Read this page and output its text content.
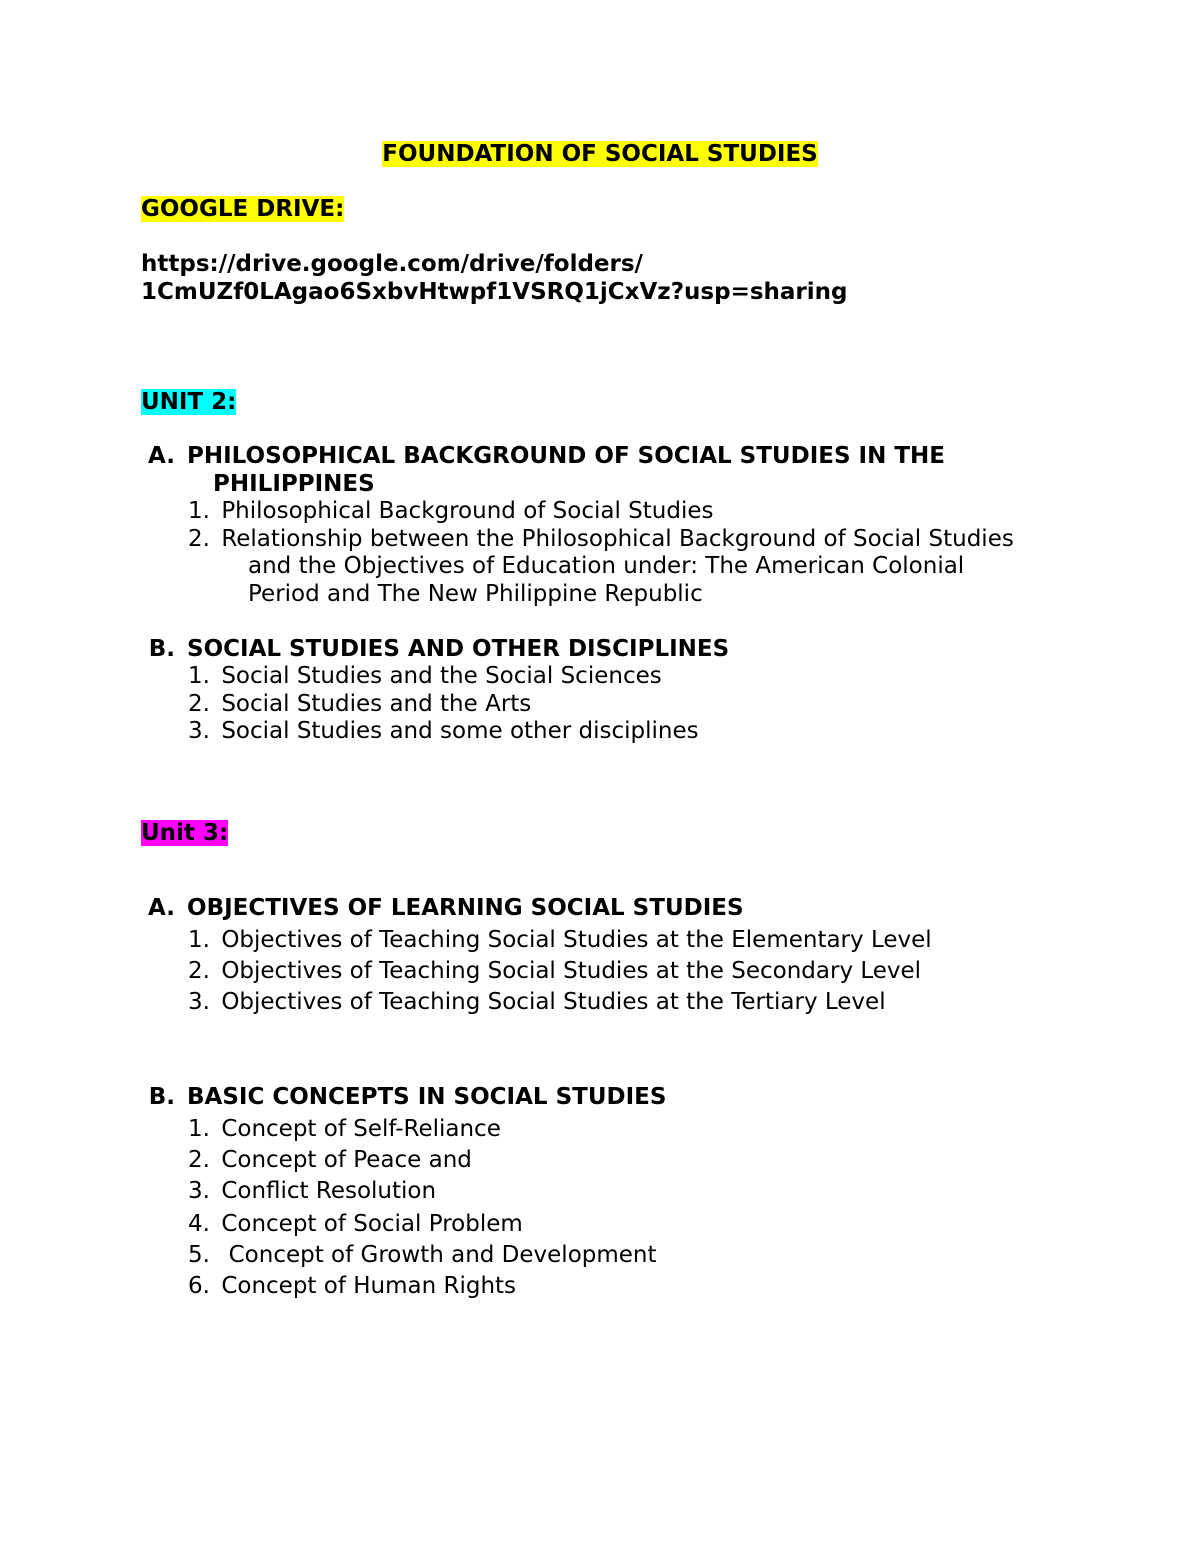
FOUNDATION OF SOCIAL STUDIES
GOOGLE DRIVE:
https://drive.google.com/drive/folders/
1CmUZf0LAgao6SxbvHtwpf1VSRQ1jCxVz?usp=sharing
UNIT 2:
A. PHILOSOPHICAL BACKGROUND OF SOCIAL STUDIES IN THE
PHILIPPINES
1. Philosophical Background of Social Studies
2. Relationship between the Philosophical Background of Social Studies
and the Objectives of Education under: The American Colonial
Period and The New Philippine Republic
B. SOCIAL STUDIES AND OTHER DISCIPLINES
1. Social Studies and the Social Sciences
2. Social Studies and the Arts
3. Social Studies and some other disciplines
Unit 3:
A. OBJECTIVES OF LEARNING SOCIAL STUDIES
1. Objectives of Teaching Social Studies at the Elementary Level
2. Objectives of Teaching Social Studies at the Secondary Level
3. Objectives of Teaching Social Studies at the Tertiary Level
B. BASIC CONCEPTS IN SOCIAL STUDIES
1. Concept of Self-Reliance
2. Concept of Peace and
3. Conflict Resolution
4. Concept of Social Problem
5.  Concept of Growth and Development
6. Concept of Human Rights
